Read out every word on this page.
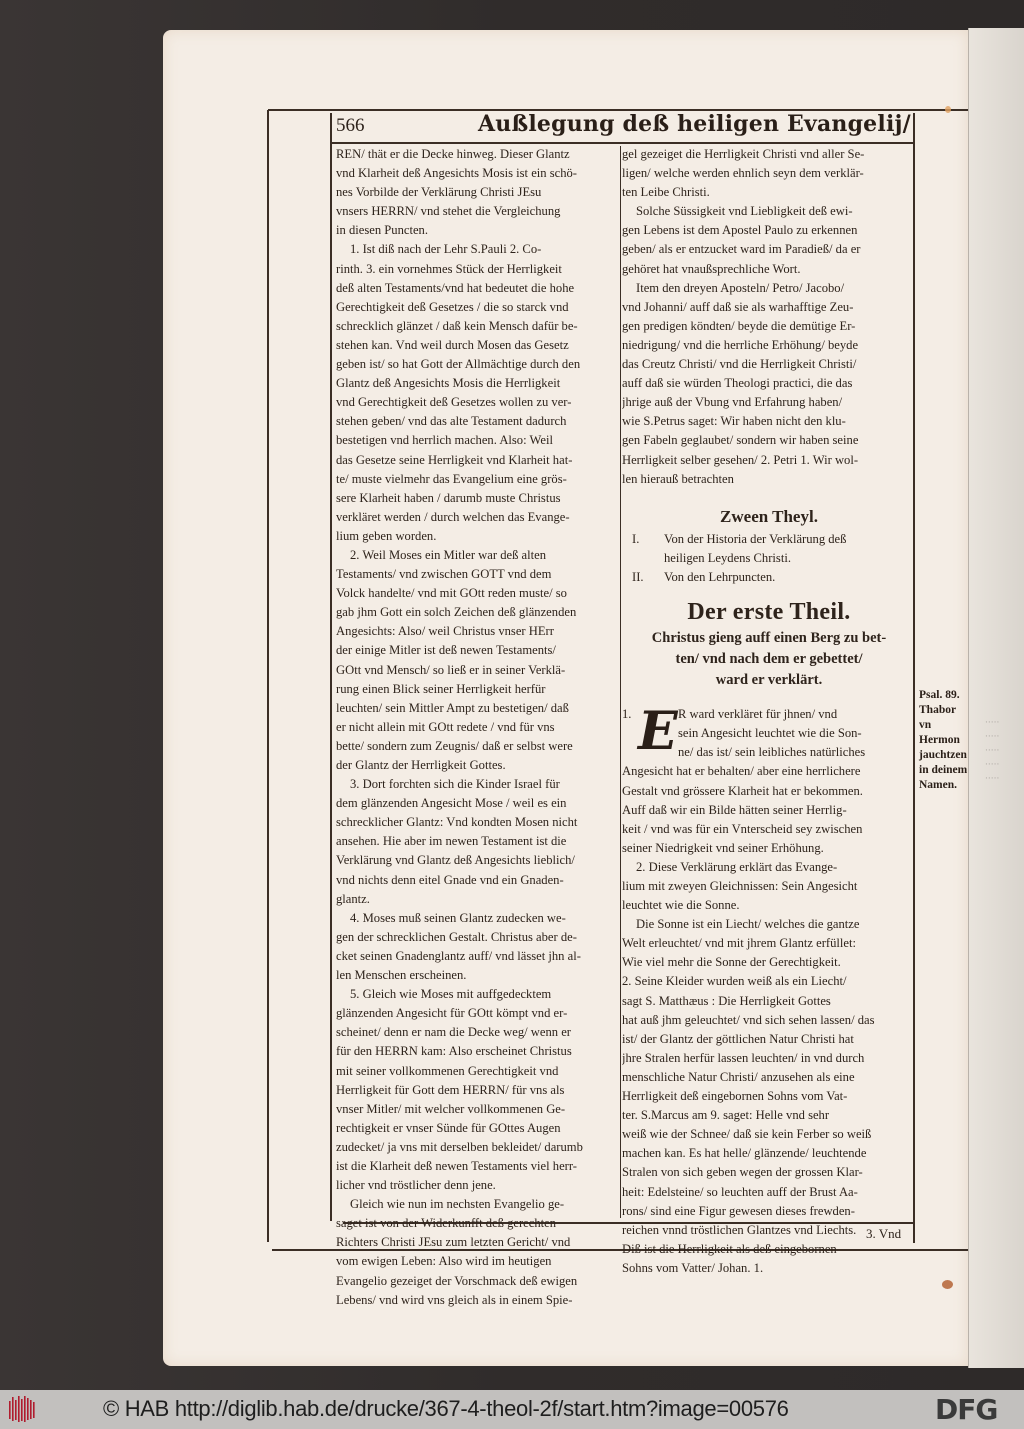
·····
·····
·····
·····
·····
566	Außlegung deß heiligen Evangelij/

REN/ thät er die Decke hinweg. Dieser Glantz

vnd Klarheit deß Angesichts Mosis ist ein schö-

nes Vorbilde der Verklärung Christi JEsu

vnsers HERRN/ vnd stehet die Vergleichung

in diesen Puncten.

1. Ist diß nach der Lehr S.Pauli 2. Co-

rinth. 3. ein vornehmes Stück der Herrligkeit

deß alten Testaments/vnd hat bedeutet die hohe

Gerechtigkeit deß Gesetzes / die so starck vnd

schrecklich glänzet / daß kein Mensch dafür be-

stehen kan. Vnd weil durch Mosen das Gesetz

geben ist/ so hat Gott der Allmächtige durch den

Glantz deß Angesichts Mosis die Herrligkeit

vnd Gerechtigkeit deß Gesetzes wollen zu ver-

stehen geben/ vnd das alte Testament dadurch

bestetigen vnd herrlich machen. Also: Weil

das Gesetze seine Herrligkeit vnd Klarheit hat-

te/ muste vielmehr das Evangelium eine grös-

sere Klarheit haben / darumb muste Christus

verkläret werden / durch welchen das Evange-

lium geben worden.

2. Weil Moses ein Mitler war deß alten

Testaments/ vnd zwischen GOTT vnd dem

Volck handelte/ vnd mit GOtt reden muste/ so

gab jhm Gott ein solch Zeichen deß glänzenden

Angesichts: Also/ weil Christus vnser HErr

der einige Mitler ist deß newen Testaments/

GOtt vnd Mensch/ so ließ er in seiner Verklä-

rung einen Blick seiner Herrligkeit herfür

leuchten/ sein Mittler Ampt zu bestetigen/ daß

er nicht allein mit GOtt redete / vnd für vns

bette/ sondern zum Zeugnis/ daß er selbst were

der Glantz der Herrligkeit Gottes.

3. Dort forchten sich die Kinder Israel für

dem glänzenden Angesicht Mose / weil es ein

schrecklicher Glantz: Vnd kondten Mosen nicht

ansehen. Hie aber im newen Testament ist die

Verklärung vnd Glantz deß Angesichts lieblich/

vnd nichts denn eitel Gnade vnd ein Gnaden-

glantz.

4. Moses muß seinen Glantz zudecken we-

gen der schrecklichen Gestalt. Christus aber de-

cket seinen Gnadenglantz auff/ vnd lässet jhn al-

len Menschen erscheinen.

5. Gleich wie Moses mit auffgedecktem

glänzenden Angesicht für GOtt kömpt vnd er-

scheinet/ denn er nam die Decke weg/ wenn er

für den HERRN kam: Also erscheinet Christus

mit seiner vollkommenen Gerechtigkeit vnd

Herrligkeit für Gott dem HERRN/ für vns als

vnser Mitler/ mit welcher vollkommenen Ge-

rechtigkeit er vnser Sünde für GOttes Augen

zudecket/ ja vns mit derselben bekleidet/ darumb

ist die Klarheit deß newen Testaments viel herr-

licher vnd tröstlicher denn jene.

Gleich wie nun im nechsten Evangelio ge-

saget ist von der Widerkunfft deß gerechten

Richters Christi JEsu zum letzten Gericht/ vnd

vom ewigen Leben: Also wird im heutigen

Evangelio gezeiget der Vorschmack deß ewigen

Lebens/ vnd wird vns gleich als in einem Spie-

gel gezeiget die Herrligkeit Christi vnd aller Se-

ligen/ welche werden ehnlich seyn dem verklär-

ten Leibe Christi.

Solche Süssigkeit vnd Liebligkeit deß ewi-

gen Lebens ist dem Apostel Paulo zu erkennen

geben/ als er entzucket ward im Paradieß/ da er

gehöret hat vnaußsprechliche Wort.

Item den dreyen Aposteln/ Petro/ Jacobo/

vnd Johanni/ auff daß sie als warhafftige Zeu-

gen predigen köndten/ beyde die demütige Er-

niedrigung/ vnd die herrliche Erhöhung/ beyde

das Creutz Christi/ vnd die Herrligkeit Christi/

auff daß sie würden Theologi practici, die das

jhrige auß der Vbung vnd Erfahrung haben/

wie S.Petrus saget: Wir haben nicht den klu-

gen Fabeln geglaubet/ sondern wir haben seine

Herrligkeit selber gesehen/ 2. Petri 1. Wir wol-

len hierauß betrachten

Zween Theyl.
I.	Von der Historia der Verklärung deß

heiligen Leydens Christi.

II.	Von den Lehrpuncten.

Der erste Theil.
Christus gieng auff einen Berg zu bet-
ten/ vnd nach dem er gebettet/
ward er verklärt.
1. E R ward verkläret für jhnen/ vnd

sein Angesicht leuchtet wie die Son-

ne/ das ist/ sein leibliches natürliches

Angesicht hat er behalten/ aber eine herrlichere

Gestalt vnd grössere Klarheit hat er bekommen.

Auff daß wir ein Bilde hätten seiner Herrlig-

keit / vnd was für ein Vnterscheid sey zwischen

seiner Niedrigkeit vnd seiner Erhöhung.

2. Diese Verklärung erklärt das Evange-

lium mit zweyen Gleichnissen: Sein Angesicht

leuchtet wie die Sonne.

Die Sonne ist ein Liecht/ welches die gantze

Welt erleuchtet/ vnd mit jhrem Glantz erfüllet:

Wie viel mehr die Sonne der Gerechtigkeit.

2. Seine Kleider wurden weiß als ein Liecht/

sagt S. Matthæus : Die Herrligkeit Gottes

hat auß jhm geleuchtet/ vnd sich sehen lassen/ das

ist/ der Glantz der göttlichen Natur Christi hat

jhre Stralen herfür lassen leuchten/ in vnd durch

menschliche Natur Christi/ anzusehen als eine

Herrligkeit deß eingebornen Sohns vom Vat-

ter. S.Marcus am 9. saget: Helle vnd sehr

weiß wie der Schnee/ daß sie kein Ferber so weiß

machen kan. Es hat helle/ glänzende/ leuchtende

Stralen von sich geben wegen der grossen Klar-

heit: Edelsteine/ so leuchten auff der Brust Aa-

rons/ sind eine Figur gewesen dieses frewden-

reichen vnnd tröstlichen Glantzes vnd Liechts.

Diß ist die Herrligkeit als deß eingebornen

Sohns vom Vatter/ Johan. 1.

Psal. 89.
Thabor vn
Hermon
jauchtzen
in deinem
Namen.
3. Vnd
© HAB http://diglib.hab.de/drucke/367-4-theol-2f/start.htm?image=00576	DFG
